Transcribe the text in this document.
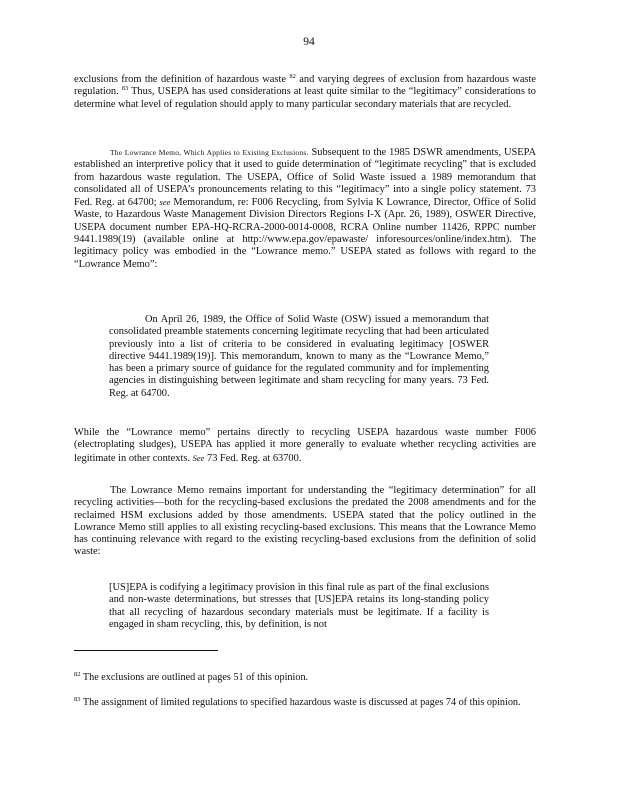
94

exclusions from the definition of hazardous waste $^{82}$ and varying degrees of exclusion from hazardous waste regulation. $^{83}$ Thus, USEPA has used considerations at least quite similar to the “legitimacy” considerations to determine what level of regulation should apply to many particular secondary materials that are recycled.

The Lowrance Memo, Which Applies to Existing Exclusions. Subsequent to the 1985 DSWR amendments, USEPA established an interpretive policy that it used to guide determination of “legitimate recycling” that is excluded from hazardous waste regulation. The USEPA, Office of Solid Waste issued a 1989 memorandum that consolidated all of USEPA’s pronouncements relating to this “legitimacy” into a single policy statement. 73 Fed. Reg. at 64700; see Memorandum, re: F006 Recycling, from Sylvia K Lowrance, Director, Office of Solid Waste, to Hazardous Waste Management Division Directors Regions I-X (Apr. 26, 1989), OSWER Directive, USEPA document number EPA-HQ-RCRA-2000-0014-0008, RCRA Online number 11426, RPPC number 9441.1989(19) (available online at http://www.epa.gov/epawaste/ inforesources/online/index.htm). The legitimacy policy was embodied in the “Lowrance memo.” USEPA stated as follows with regard to the “Lowrance Memo”:

On April 26, 1989, the Office of Solid Waste (OSW) issued a memorandum that consolidated preamble statements concerning legitimate recycling that had been articulated previously into a list of criteria to be considered in evaluating legitimacy [OSWER directive 9441.1989(19)]. This memorandum, known to many as the “Lowrance Memo,” has been a primary source of guidance for the regulated community and for implementing agencies in distinguishing between legitimate and sham recycling for many years. 73 Fed. Reg. at 64700.

While the “Lowrance memo” pertains directly to recycling USEPA hazardous waste number F006 (electroplating sludges), USEPA has applied it more generally to evaluate whether recycling activities are legitimate in other contexts. See 73 Fed. Reg. at 63700.

The Lowrance Memo remains important for understanding the “legitimacy determination” for all recycling activities—both for the recycling-based exclusions the predated the 2008 amendments and for the reclaimed HSM exclusions added by those amendments. USEPA stated that the policy outlined in the Lowrance Memo still applies to all existing recycling-based exclusions. This means that the Lowrance Memo has continuing relevance with regard to the existing recycling-based exclusions from the definition of solid waste:

[US]EPA is codifying a legitimacy provision in this final rule as part of the final exclusions and non-waste determinations, but stresses that [US]EPA retains its long-standing policy that all recycling of hazardous secondary materials must be legitimate. If a facility is engaged in sham recycling, this, by definition, is not

$^{82}$ The exclusions are outlined at pages 51 of this opinion.

$^{83}$ The assignment of limited regulations to specified hazardous waste is discussed at pages 74 of this opinion.
